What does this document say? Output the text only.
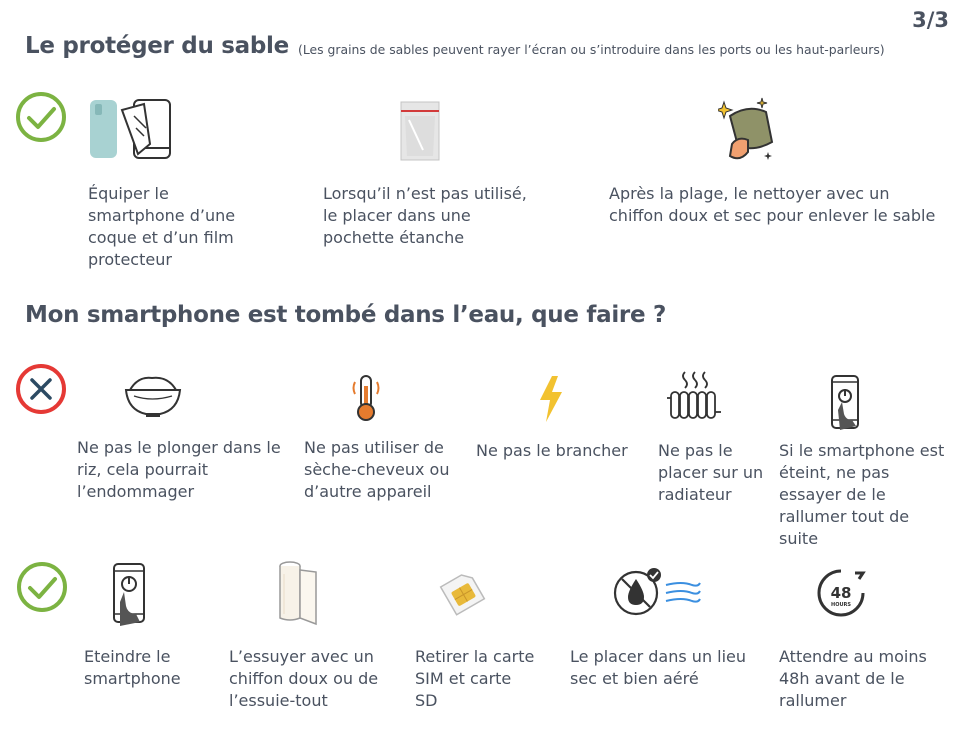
3/3
Le protéger du sable (Les grains de sables peuvent rayer l’écran ou s’introduire dans les ports ou les haut-parleurs)
Équiper le
smartphone d’une
coque et d’un film
protecteur
Lorsqu’il n’est pas utilisé,
le placer dans une
pochette étanche
Après la plage, le nettoyer avec un
chiffon doux et sec pour enlever le sable
Mon smartphone est tombé dans l’eau, que faire ?
Ne pas le plonger dans le
riz, cela pourrait
l’endommager
Ne pas utiliser de
sèche-cheveux ou
d’autre appareil
Ne pas le brancher Ne pas le
placer sur un
radiateur
Si le smartphone est
éteint, ne pas
essayer de le
rallumer tout de
suite
Eteindre le
smartphone
L’essuyer avec un
chiffon doux ou de
l’essuie-tout
Retirer la carte
SIM et carte
SD
Le placer dans un lieu
sec et bien aéré
48
HOURS
Attendre au moins
48h avant de le
rallumer
